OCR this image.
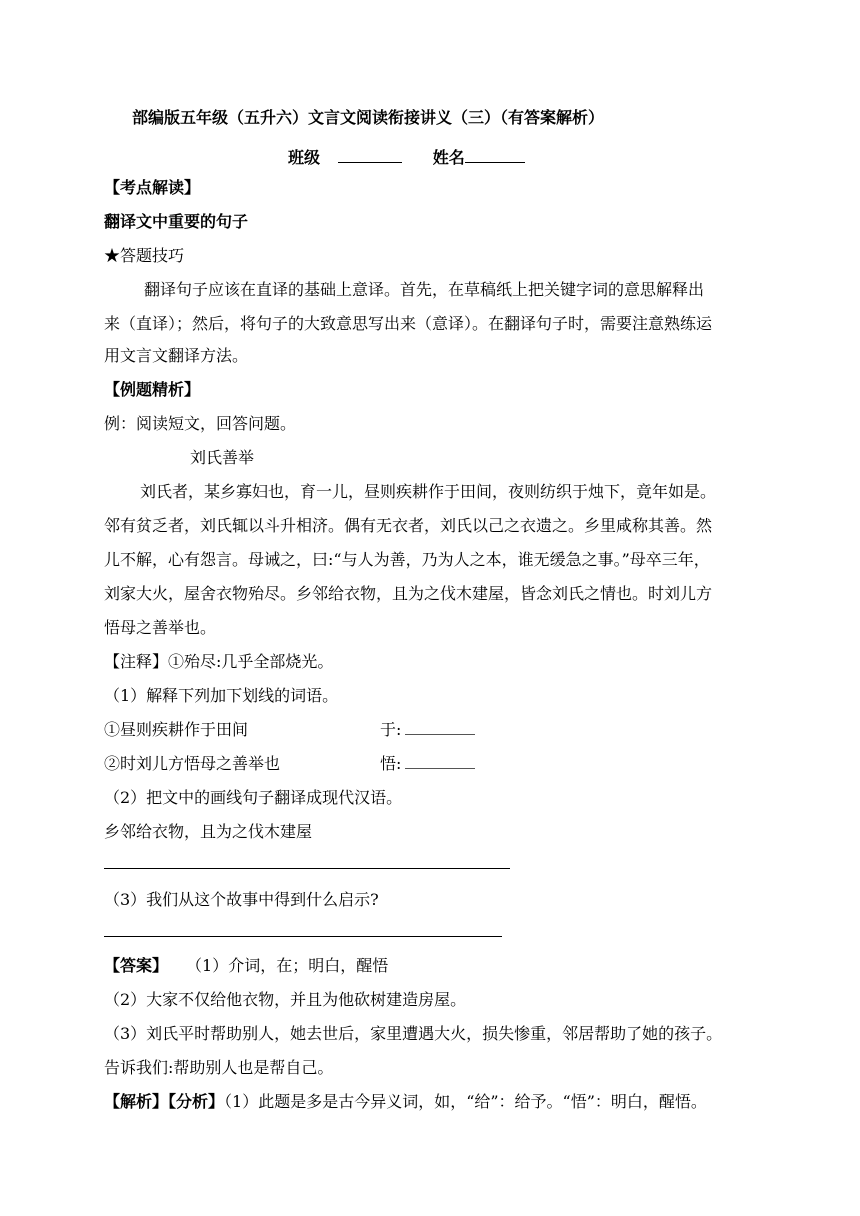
部编版五年级（五升六）文言文阅读衔接讲义（三）（有答案解析）
班级	姓名
【考点解读】
翻译文中重要的句子
★答题技巧
翻译句子应该在直译的基础上意译。首先，在草稿纸上把关键字词的意思解释出
来（直译）；然后，将句子的大致意思写出来（意译）。在翻译句子时，需要注意熟练运
用文言文翻译方法。
【例题精析】
例：阅读短文，回答问题。
刘氏善举
刘氏者，某乡寡妇也，育一儿，昼则疾耕作于田间，夜则纺织于烛下，竟年如是。
邻有贫乏者，刘氏辄以斗升相济。偶有无衣者，刘氏以己之衣遗之。乡里咸称其善。然
儿不解，心有怨言。母诫之，曰:“与人为善，乃为人之本，谁无缓急之事。”母卒三年，
刘家大火，屋舍衣物殆尽。乡邻给衣物，且为之伐木建屋，皆念刘氏之情也。时刘儿方
悟母之善举也。
【注释】①殆尽:几乎全部烧光。
（1）解释下列加下划线的词语。
①昼则疾耕作于田间	于:
②时刘儿方悟母之善举也	悟:
（2）把文中的画线句子翻译成现代汉语。
乡邻给衣物，且为之伐木建屋
（3）我们从这个故事中得到什么启示?
【答案】 （1）介词，在；明白，醒悟
（2）大家不仅给他衣物，并且为他砍树建造房屋。
（3）刘氏平时帮助别人，她去世后，家里遭遇大火，损失惨重，邻居帮助了她的孩子。
告诉我们:帮助别人也是帮自己。
【解析】【分析】（1）此题是多是古今异义词，如，“给”：给予。“悟”：明白，醒悟。
